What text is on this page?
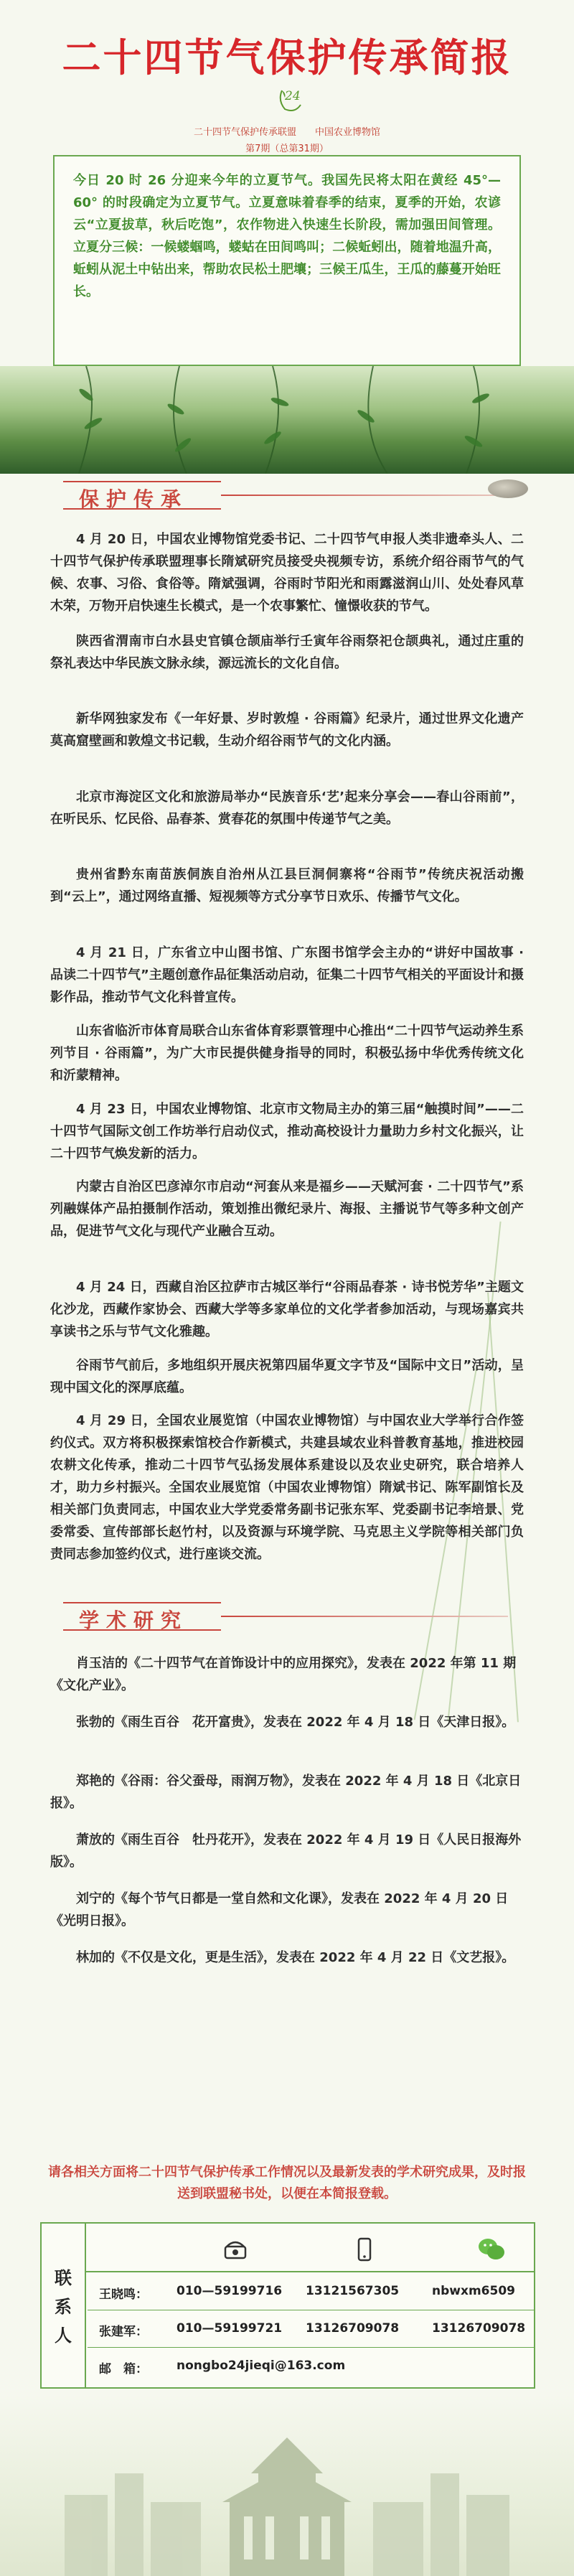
二十四节气保护传承简报
24
二十四节气保护传承联盟　　中国农业博物馆
第7期（总第31期）
今日 20 时 26 分迎来今年的立夏节气。我国先民将太阳在黄经 45°—60° 的时段确定为立夏节气。立夏意味着春季的结束，夏季的开始，农谚云“立夏拔草，秋后吃饱”，农作物进入快速生长阶段，需加强田间管理。立夏分三候：一候蝼蝈鸣，蝼蛄在田间鸣叫；二候蚯蚓出，随着地温升高，蚯蚓从泥土中钻出来，帮助农民松土肥壤；三候王瓜生，王瓜的藤蔓开始旺长。
保护传承
4 月 20 日，中国农业博物馆党委书记、二十四节气申报人类非遗牵头人、二十四节气保护传承联盟理事长隋斌研究员接受央视频专访，系统介绍谷雨节气的气候、农事、习俗、食俗等。隋斌强调，谷雨时节阳光和雨露滋润山川、处处春风草木荣，万物开启快速生长模式，是一个农事繁忙、憧憬收获的节气。
陕西省渭南市白水县史官镇仓颉庙举行壬寅年谷雨祭祀仓颉典礼，通过庄重的祭礼表达中华民族文脉永续，源远流长的文化自信。
新华网独家发布《一年好景、岁时敦煌 · 谷雨篇》纪录片，通过世界文化遗产莫高窟壁画和敦煌文书记载，生动介绍谷雨节气的文化内涵。
北京市海淀区文化和旅游局举办“民族音乐‘艺’起来分享会——春山谷雨前”，在听民乐、忆民俗、品春茶、赏春花的氛围中传递节气之美。
贵州省黔东南苗族侗族自治州从江县巨洞侗寨将“谷雨节”传统庆祝活动搬到“云上”，通过网络直播、短视频等方式分享节日欢乐、传播节气文化。
4 月 21 日，广东省立中山图书馆、广东图书馆学会主办的“讲好中国故事 · 品读二十四节气”主题创意作品征集活动启动，征集二十四节气相关的平面设计和摄影作品，推动节气文化科普宣传。
山东省临沂市体育局联合山东省体育彩票管理中心推出“二十四节气运动养生系列节目 · 谷雨篇”，为广大市民提供健身指导的同时，积极弘扬中华优秀传统文化和沂蒙精神。
4 月 23 日，中国农业博物馆、北京市文物局主办的第三届“触摸时间”——二十四节气国际文创工作坊举行启动仪式，推动高校设计力量助力乡村文化振兴，让二十四节气焕发新的活力。
内蒙古自治区巴彦淖尔市启动“河套从来是福乡——天赋河套 · 二十四节气”系列融媒体产品拍摄制作活动，策划推出微纪录片、海报、主播说节气等多种文创产品，促进节气文化与现代产业融合互动。
4 月 24 日，西藏自治区拉萨市古城区举行“谷雨品春茶 · 诗书悦芳华”主题文化沙龙，西藏作家协会、西藏大学等多家单位的文化学者参加活动，与现场嘉宾共享读书之乐与节气文化雅趣。
谷雨节气前后，多地组织开展庆祝第四届华夏文字节及“国际中文日”活动，呈现中国文化的深厚底蕴。
4 月 29 日，全国农业展览馆（中国农业博物馆）与中国农业大学举行合作签约仪式。双方将积极探索馆校合作新模式，共建县域农业科普教育基地，推进校园农耕文化传承，推动二十四节气弘扬发展体系建设以及农业史研究，联合培养人才，助力乡村振兴。全国农业展览馆（中国农业博物馆）隋斌书记、陈军副馆长及相关部门负责同志，中国农业大学党委常务副书记张东军、党委副书记李培景、党委常委、宣传部部长赵竹村，以及资源与环境学院、马克思主义学院等相关部门负责同志参加签约仪式，进行座谈交流。
学术研究
肖玉洁的《二十四节气在首饰设计中的应用探究》，发表在 2022 年第 11 期《文化产业》。
张勃的《雨生百谷　花开富贵》，发表在 2022 年 4 月 18 日《天津日报》。
郑艳的《谷雨：谷父蚕母，雨润万物》，发表在 2022 年 4 月 18 日《北京日报》。
萧放的《雨生百谷　牡丹花开》，发表在 2022 年 4 月 19 日《人民日报海外版》。
刘宁的《每个节气日都是一堂自然和文化课》，发表在 2022 年 4 月 20 日《光明日报》。
林加的《不仅是文化，更是生活》，发表在 2022 年 4 月 22 日《文艺报》。
请各相关方面将二十四节气保护传承工作情况以及最新发表的学术研究成果，及时报送到联盟秘书处，以便在本简报登载。
联
系
人
王晓鸣： 010—59199716 13121567305	nbwxm6509
张建军： 010—59199721 13126709078	13126709078
邮　箱： nongbo24jieqi@163.com
